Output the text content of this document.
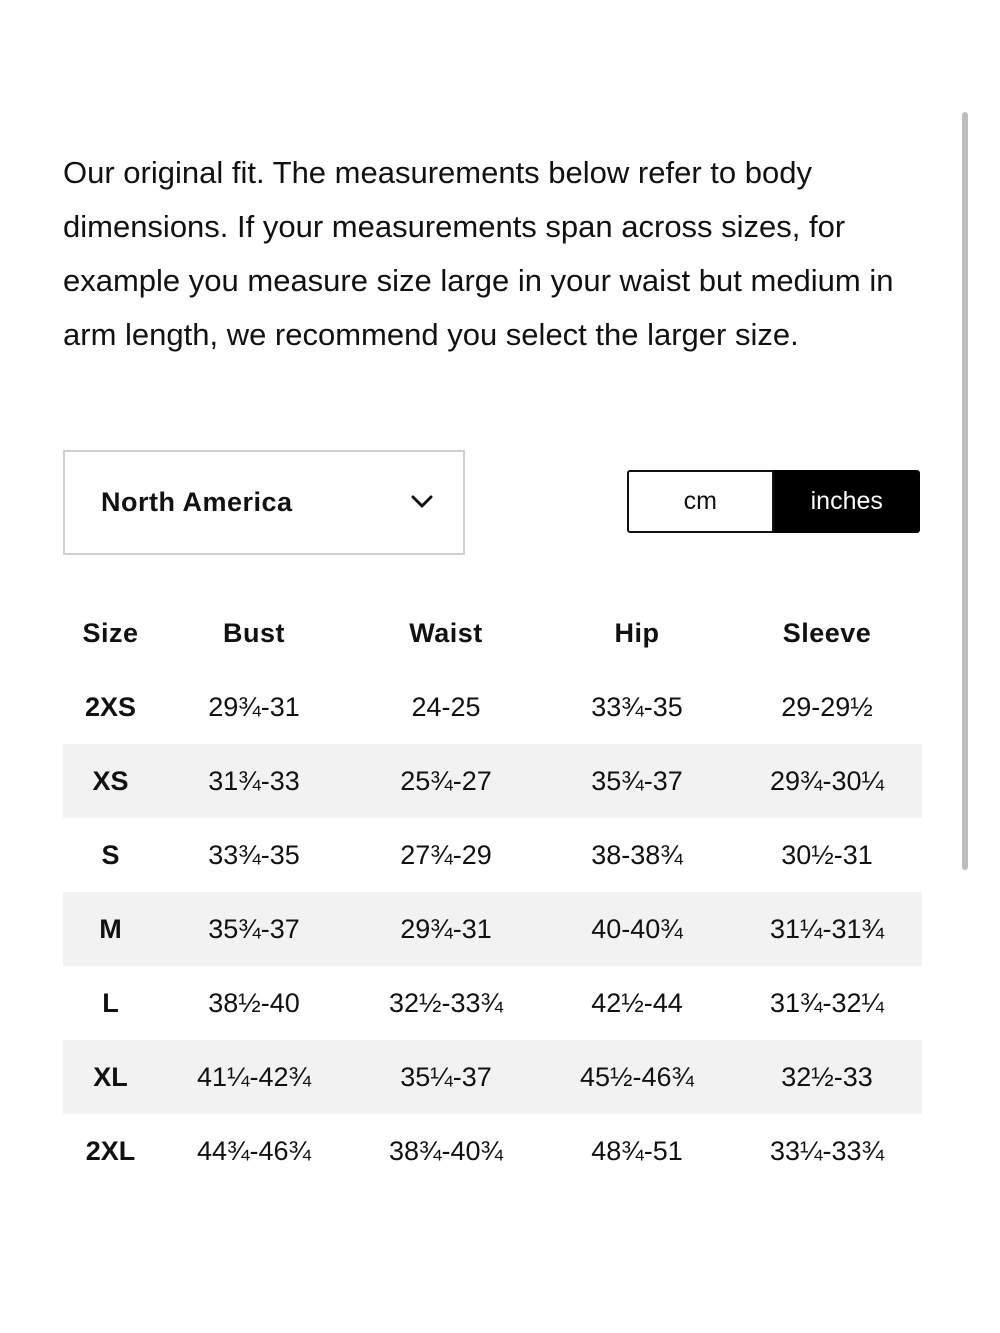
Our original fit. The measurements below refer to body dimensions. If your measurements span across sizes, for example you measure size large in your waist but medium in arm length, we recommend you select the larger size.

North America	cm	inches
Size	Bust	Waist	Hip	Sleeve
2XS	29¾-31	24-25	33¾-35	29-29½
XS	31¾-33	25¾-27	35¾-37	29¾-30¼
S	33¾-35	27¾-29	38-38¾	30½-31
M	35¾-37	29¾-31	40-40¾	31¼-31¾
L	38½-40	32½-33¾	42½-44	31¾-32¼
XL	41¼-42¾	35¼-37	45½-46¾	32½-33
2XL	44¾-46¾	38¾-40¾	48¾-51	33¼-33¾
